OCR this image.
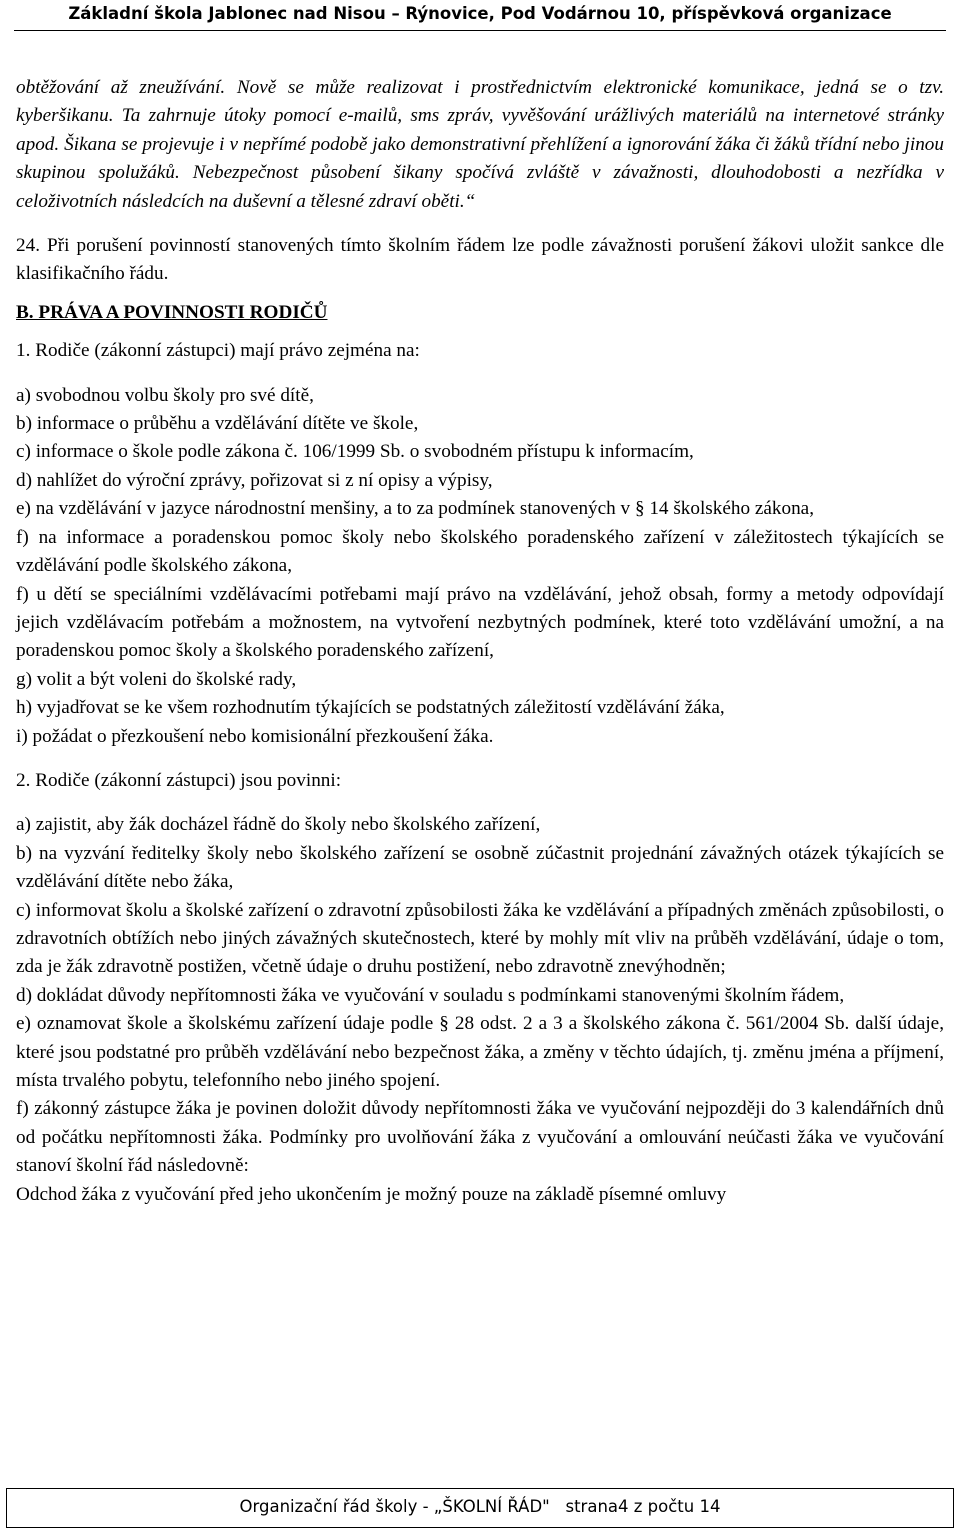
Základní škola Jablonec nad Nisou – Rýnovice, Pod Vodárnou 10, příspěvková organizace

obtěžování až zneužívání. Nově se může realizovat i prostřednictvím elektronické komunikace, jedná se o tzv. kyberšikanu. Ta zahrnuje útoky pomocí e-mailů, sms zpráv, vyvěšování urážlivých materiálů na internetové stránky apod. Šikana se projevuje i v nepřímé podobě jako demonstrativní přehlížení a ignorování žáka či žáků třídní nebo jinou skupinou spolužáků. Nebezpečnost působení šikany spočívá zvláště v závažnosti, dlouhodobosti a nezřídka v celoživotních následcích na duševní a tělesné zdraví oběti.“

24. Při porušení povinností stanovených tímto školním řádem lze podle závažnosti porušení žákovi uložit sankce dle klasifikačního řádu.

B. PRÁVA A POVINNOSTI RODIČŮ

1. Rodiče (zákonní zástupci) mají právo zejména na:

a) svobodnou volbu školy pro své dítě,

b) informace o průběhu a vzdělávání dítěte ve škole,

c) informace o škole podle zákona č. 106/1999 Sb. o svobodném přístupu k informacím,

d) nahlížet do výroční zprávy, pořizovat si z ní opisy a výpisy,

e) na vzdělávání v jazyce národnostní menšiny, a to za podmínek stanovených v § 14 školského zákona,

f) na informace a poradenskou pomoc školy nebo školského poradenského zařízení v záležitostech týkajících se vzdělávání podle školského zákona,

f) u dětí se speciálními vzdělávacími potřebami mají právo na vzdělávání, jehož obsah, formy a metody odpovídají jejich vzdělávacím potřebám a možnostem, na vytvoření nezbytných podmínek, které toto vzdělávání umožní, a na poradenskou pomoc školy a školského poradenského zařízení,

g) volit a být voleni do školské rady,

h) vyjadřovat se ke všem rozhodnutím týkajících se podstatných záležitostí vzdělávání žáka,

i) požádat o přezkoušení nebo komisionální přezkoušení žáka.

2. Rodiče (zákonní zástupci) jsou povinni:

a) zajistit, aby žák docházel řádně do školy nebo školského zařízení,

b) na vyzvání ředitelky školy nebo školského zařízení se osobně zúčastnit projednání závažných otázek týkajících se vzdělávání dítěte nebo žáka,

c) informovat školu a školské zařízení o zdravotní způsobilosti žáka ke vzdělávání a případných změnách způsobilosti, o zdravotních obtížích nebo jiných závažných skutečnostech, které by mohly mít vliv na průběh vzdělávání, údaje o tom, zda je žák zdravotně postižen, včetně údaje o druhu postižení, nebo zdravotně znevýhodněn;

d) dokládat důvody nepřítomnosti žáka ve vyučování v souladu s podmínkami stanovenými školním řádem,

e) oznamovat škole a školskému zařízení údaje podle § 28 odst. 2 a 3 a školského zákona č. 561/2004 Sb. další údaje, které jsou podstatné pro průběh vzdělávání nebo bezpečnost žáka, a změny v těchto údajích, tj. změnu jména a příjmení, místa trvalého pobytu, telefonního nebo jiného spojení.

f) zákonný zástupce žáka je povinen doložit důvody nepřítomnosti žáka ve vyučování nejpozději do 3 kalendářních dnů od počátku nepřítomnosti žáka. Podmínky pro uvolňování žáka z vyučování a omlouvání neúčasti žáka ve vyučování stanoví školní řád následovně:

Odchod žáka z vyučování před jeho ukončením je možný pouze na základě písemné omluvy

Organizační řád školy - „ŠKOLNÍ ŘÁD"   strana4 z počtu 14
